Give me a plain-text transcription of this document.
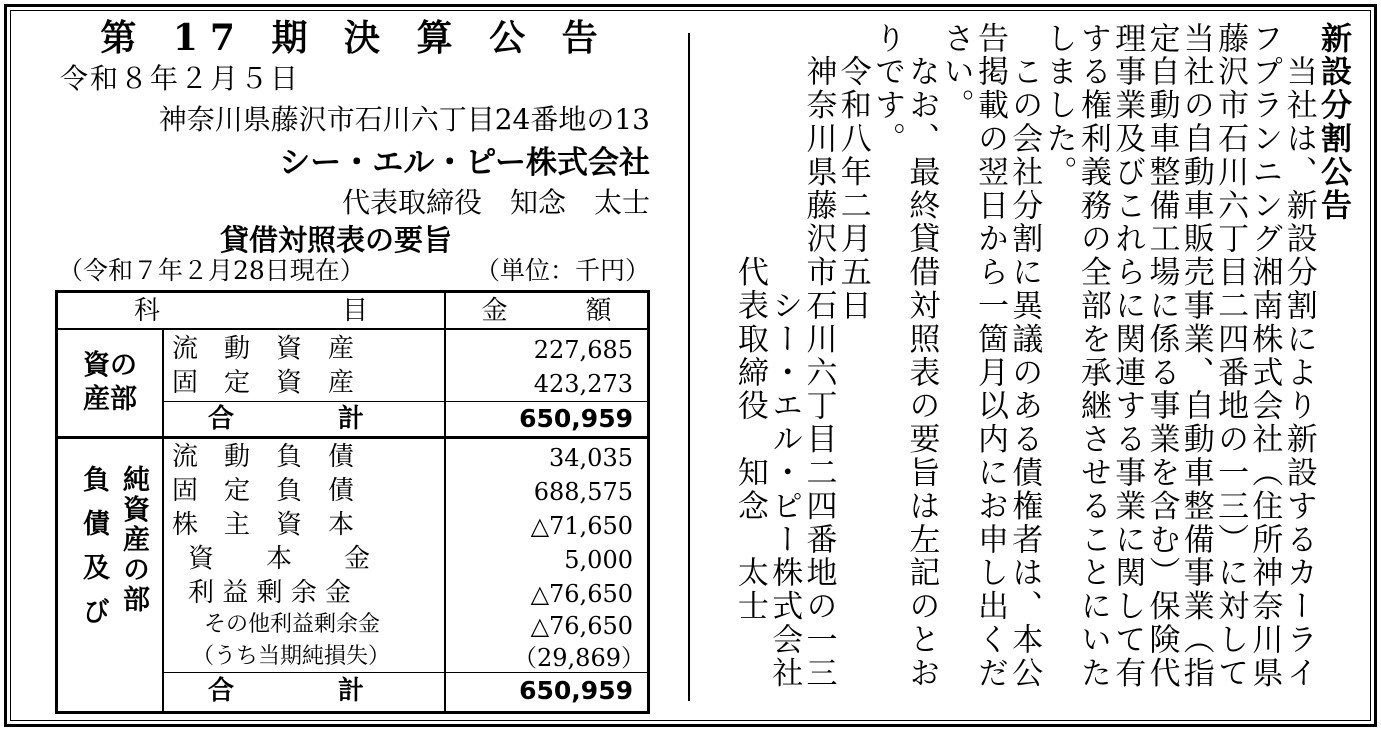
第 17 期 決 算 公 告
令和８年２月５日
神奈川県藤沢市石川六丁目24番地の13
シー・エル・ピー株式会社
代表取締役　知念　太士
貸借対照表の要旨
（令和７年２月28日現在）	（単位：千円）
科　　　　　　　目	金　　　額
資の
産部
流　動　資　産	227,685
固　定　資　産	423,273
合　　　　計	650,959
純資産の部
負債及び
流　動　負　債	34,035
固　定　負　債	688,575
株　主　資　本	△71,650
資　　本　　金	5,000
利 益 剰 余 金	△76,650
その他利益剰余金	△76,650
（うち当期純損失）	（29,869）
合　　　　計	650,959
新設分割公告
　当社は、新設分割により新設するカーライ
フプランニング湘南株式会社（住所神奈川県
藤沢市石川六丁目二四番地の一三）に対して
当社の自動車販売事業、自動車整備事業（指
定自動車整備工場に係る事業を含む）保険代
理事業及びこれらに関連する事業に関して有
する権利義務の全部を承継させることにいた
しました。
　この会社分割に異議のある債権者は、本公
告掲載の翌日から一箇月以内にお申し出くだ
さい。
　なお、最終貸借対照表の要旨は左記のとお
りです。
　令和八年二月五日
　神奈川県藤沢市石川六丁目二四番地の一三
　　　　　　　　シー・エル・ピー株式会社
　　　　　　　代表取締役　知念　太士
